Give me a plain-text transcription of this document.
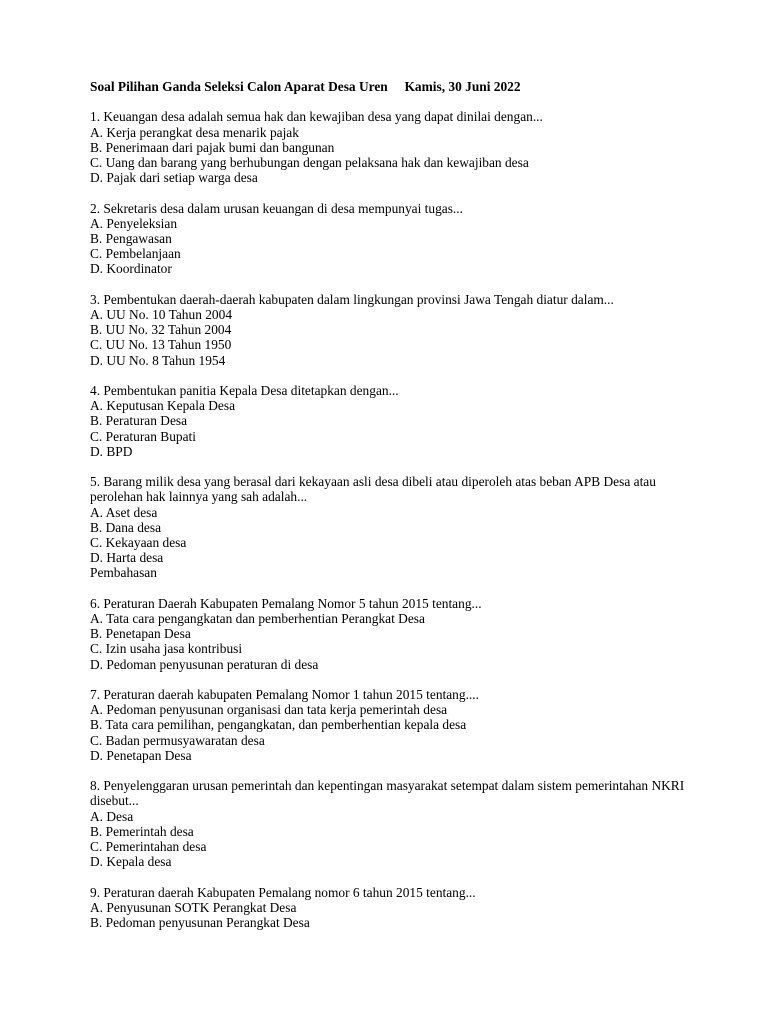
Soal Pilihan Ganda Seleksi Calon Aparat Desa Uren Kamis, 30 Juni 2022

1. Keuangan desa adalah semua hak dan kewajiban desa yang dapat dinilai dengan...

A. Kerja perangkat desa menarik pajak

B. Penerimaan dari pajak bumi dan bangunan

C. Uang dan barang yang berhubungan dengan pelaksana hak dan kewajiban desa

D. Pajak dari setiap warga desa

2. Sekretaris desa dalam urusan keuangan di desa mempunyai tugas...

A. Penyeleksian

B. Pengawasan

C. Pembelanjaan

D. Koordinator

3. Pembentukan daerah-daerah kabupaten dalam lingkungan provinsi Jawa Tengah diatur dalam...

A. UU No. 10 Tahun 2004

B. UU No. 32 Tahun 2004

C. UU No. 13 Tahun 1950

D. UU No. 8 Tahun 1954

4. Pembentukan panitia Kepala Desa ditetapkan dengan...

A. Keputusan Kepala Desa

B. Peraturan Desa

C. Peraturan Bupati

D. BPD

5. Barang milik desa yang berasal dari kekayaan asli desa dibeli atau diperoleh atas beban APB Desa atau perolehan hak lainnya yang sah adalah...

A. Aset desa

B. Dana desa

C. Kekayaan desa

D. Harta desa

Pembahasan

6. Peraturan Daerah Kabupaten Pemalang Nomor 5 tahun 2015 tentang...

A. Tata cara pengangkatan dan pemberhentian Perangkat Desa

B. Penetapan Desa

C. Izin usaha jasa kontribusi

D. Pedoman penyusunan peraturan di desa

7. Peraturan daerah kabupaten Pemalang Nomor 1 tahun 2015 tentang....

A. Pedoman penyusunan organisasi dan tata kerja pemerintah desa

B. Tata cara pemilihan, pengangkatan, dan pemberhentian kepala desa

C. Badan permusyawaratan desa

D. Penetapan Desa

8. Penyelenggaran urusan pemerintah dan kepentingan masyarakat setempat dalam sistem pemerintahan NKRI disebut...

A. Desa

B. Pemerintah desa

C. Pemerintahan desa

D. Kepala desa

9. Peraturan daerah Kabupaten Pemalang nomor 6 tahun 2015 tentang...

A. Penyusunan SOTK Perangkat Desa

B. Pedoman penyusunan Perangkat Desa
